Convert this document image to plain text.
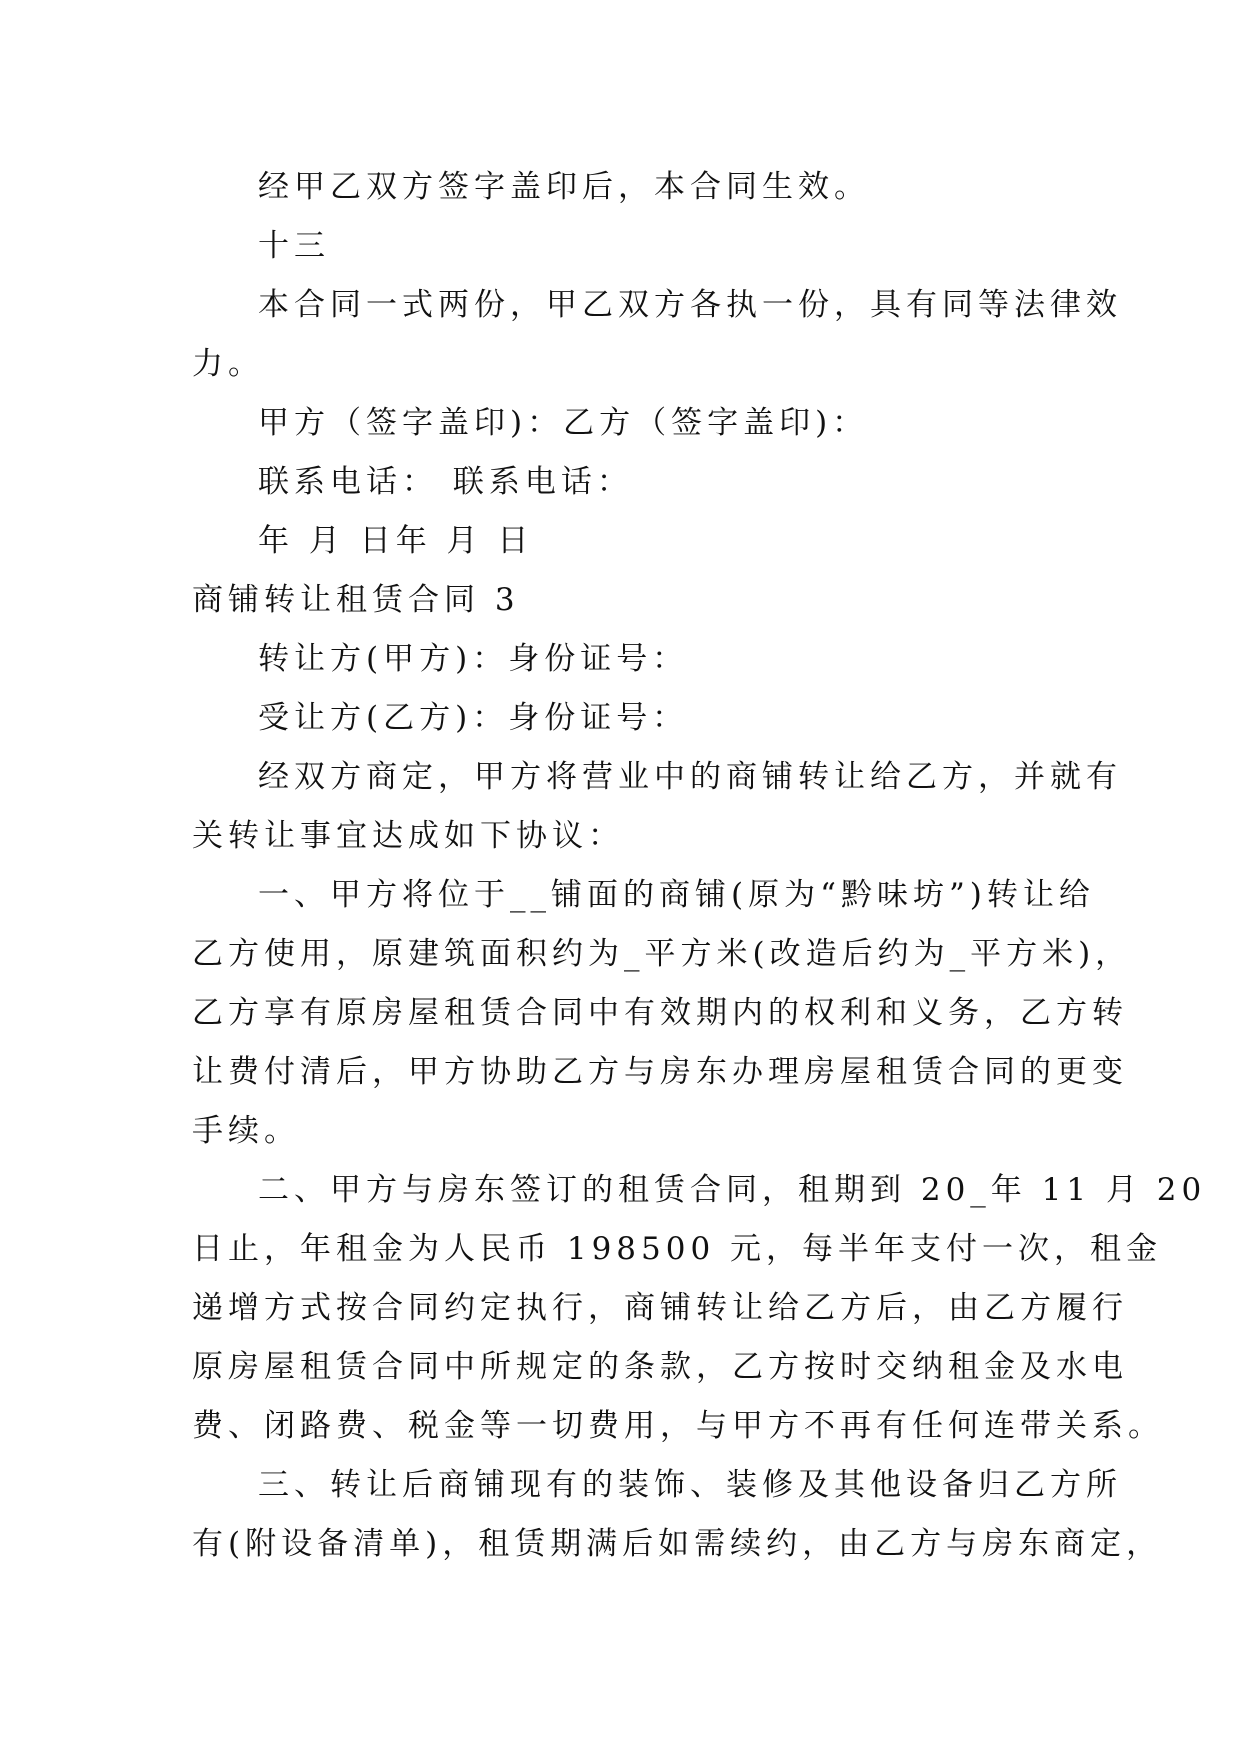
经甲乙双方签字盖印后，本合同生效。
十三
本合同一式两份，甲乙双方各执一份，具有同等法律效
力。
甲方（签字盖印)：乙方（签字盖印)：
联系电话： 联系电话：
年 月 日年 月 日
商铺转让租赁合同 3
转让方(甲方)：身份证号：
受让方(乙方)：身份证号：
经双方商定，甲方将营业中的商铺转让给乙方，并就有
关转让事宜达成如下协议：
一、甲方将位于__铺面的商铺(原为“黔味坊”)转让给
乙方使用，原建筑面积约为_平方米(改造后约为_平方米)，
乙方享有原房屋租赁合同中有效期内的权利和义务，乙方转
让费付清后，甲方协助乙方与房东办理房屋租赁合同的更变
手续。
二、甲方与房东签订的租赁合同，租期到 20_年 11 月 20
日止，年租金为人民币 198500 元，每半年支付一次，租金
递增方式按合同约定执行，商铺转让给乙方后，由乙方履行
原房屋租赁合同中所规定的条款，乙方按时交纳租金及水电
费、闭路费、税金等一切费用，与甲方不再有任何连带关系。
三、转让后商铺现有的装饰、装修及其他设备归乙方所
有(附设备清单)，租赁期满后如需续约，由乙方与房东商定，
